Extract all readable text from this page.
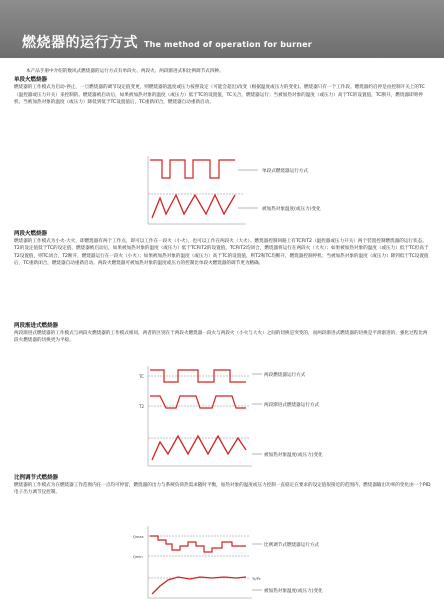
燃烧器的运行方式 The method of operation for burner

本产品手册中介绍的数风式燃烧器的运行方式有单段火、两段火、两段渐进式和比例调节式四种。

单段火燃烧器

燃烧器的工作模式为启动-停止，一旦燃烧器的调节设定值变更，则燃烧器的温度或压力按照设定（可能会超出)改变（根据温度或压力的变化)。燃烧器只有一个工作段。燃烧器约启停是由控制开关上的TC（温控器或压力开关）来控制的。燃烧器被启动后，如果被加热对象的温度（或压力）低于TC的设置值，TC关合，燃烧器运行；当被加热对象的温度（或压力）高于TC的设置值，TC断开，燃烧器即刻停机；当被加热对象的温度（或压力）降低到低于TC设置值后，TC重新闭合，燃烧器自动重新启动。

单段式燃烧器运行方式
被加热对象温度(或压力)变化

两段火燃烧器

燃烧器的工作模式为小火-大火，即燃烧器有两个工作点，即可以工作在一段火（小火），也可以工作在两段火（大火）。燃烧器控制回路上有TC和T2（温控器或压力开关）两个装置控制燃烧器的运行状态。T2的设定值低于TC的设定值，燃烧器被启动后，如果被加热对象的温度（或压力）低于TC和T2的设置值，TC和T2均闭合，燃烧器将运行在两段火（大火）；如果被加热对象的温度（或压力）低于TC但高于T2设置值，则TC闭合，T2断开，燃烧器运行在一段火（小火）；如果被加热对象的温度（或压力）高于TC的设置值，则T2和TC均断开，燃烧器控制停机；当被加热对象的温度（或压力）降到低于TC设置值后，TC重新闭合，燃烧器自动重新启动。两段火燃烧器可被加热对象的温度或压力的控制比单段火燃烧器的调节更为精确。

两段渐进式燃烧器

两段渐进式燃烧器的工作模式与两段火燃烧器的工作模式相同，两者的区别在于两段火燃烧器一段火与两段火（小火与大火）之间的切换是突变的，而两段渐进式燃烧器的切换是平滑渐进的，强化过程比两段火燃烧器的切换更为平稳。

TC
T2
两段燃烧器运行方式
两段渐进式燃烧器运行方式
被加热对象温度(或压力)变化

比例调节式燃烧器

燃烧器的工作模式为在燃烧器工作范围内任一点均可停留，燃烧器的出力与系统负荷热需求随时平衡，加热对象的温度或压力控制一直稳定在要求的设定值很接近的范围内，燃烧器输出功率的变化由一个PID电子出力调节仪控制。

Qmax
Qmin
Tc/Pc
比例调节式燃烧器运行方式
被加热对象温度(或压力)变化
